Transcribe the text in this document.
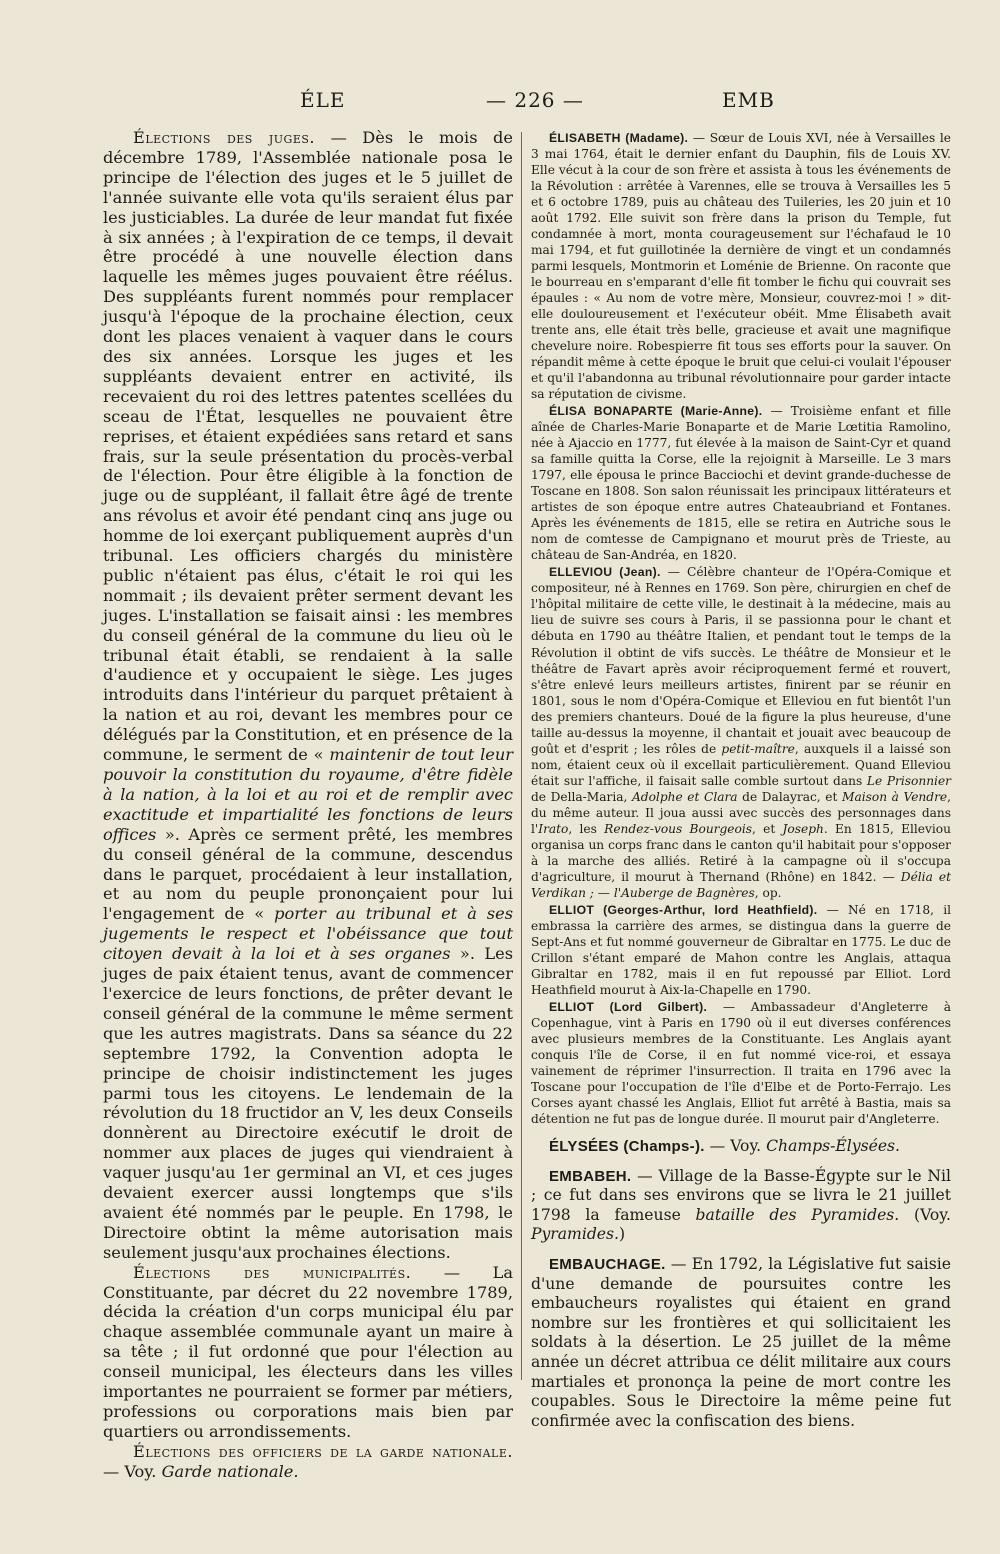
ÉLE	— 226 —	EMB

Élections des juges. — Dès le mois de décembre 1789, l'Assemblée nationale posa le principe de l'élection des juges et le 5 juillet de l'année suivante elle vota qu'ils seraient élus par les justiciables. La durée de leur mandat fut fixée à six années ; à l'expiration de ce temps, il devait être procédé à une nouvelle élection dans laquelle les mêmes juges pouvaient être réélus. Des suppléants furent nommés pour remplacer jusqu'à l'époque de la prochaine élection, ceux dont les places venaient à vaquer dans le cours des six années. Lorsque les juges et les suppléants devaient entrer en activité, ils recevaient du roi des lettres patentes scellées du sceau de l'État, lesquelles ne pouvaient être reprises, et étaient expédiées sans retard et sans frais, sur la seule présentation du procès-verbal de l'élection. Pour être éligible à la fonction de juge ou de suppléant, il fallait être âgé de trente ans révolus et avoir été pendant cinq ans juge ou homme de loi exerçant publiquement auprès d'un tribunal. Les officiers chargés du ministère public n'étaient pas élus, c'était le roi qui les nommait ; ils devaient prêter serment devant les juges. L'installation se faisait ainsi : les membres du conseil général de la commune du lieu où le tribunal était établi, se rendaient à la salle d'audience et y occupaient le siège. Les juges introduits dans l'intérieur du parquet prêtaient à la nation et au roi, devant les membres pour ce délégués par la Constitution, et en présence de la commune, le serment de « maintenir de tout leur pouvoir la constitution du royaume, d'être fidèle à la nation, à la loi et au roi et de remplir avec exactitude et impartialité les fonctions de leurs offices ». Après ce serment prêté, les membres du conseil général de la commune, descendus dans le parquet, procédaient à leur installation, et au nom du peuple prononçaient pour lui l'engagement de « porter au tribunal et à ses jugements le respect et l'obéissance que tout citoyen devait à la loi et à ses organes ». Les juges de paix étaient tenus, avant de commencer l'exercice de leurs fonctions, de prêter devant le conseil général de la commune le même serment que les autres magistrats. Dans sa séance du 22 septembre 1792, la Convention adopta le principe de choisir indistinctement les juges parmi tous les citoyens. Le lendemain de la révolution du 18 fructidor an V, les deux Conseils donnèrent au Directoire exécutif le droit de nommer aux places de juges qui viendraient à vaquer jusqu'au 1er germinal an VI, et ces juges devaient exercer aussi longtemps que s'ils avaient été nommés par le peuple. En 1798, le Directoire obtint la même autorisation mais seulement jusqu'aux prochaines élections.

Élections des municipalités. — La Constituante, par décret du 22 novembre 1789, décida la création d'un corps municipal élu par chaque assemblée communale ayant un maire à sa tête ; il fut ordonné que pour l'élection au conseil municipal, les électeurs dans les villes importantes ne pourraient se former par métiers, professions ou corporations mais bien par quartiers ou arrondissements.

Élections des officiers de la garde nationale. — Voy. Garde nationale.

ÉLISABETH (Madame). — Sœur de Louis XVI, née à Versailles le 3 mai 1764, était le dernier enfant du Dauphin, fils de Louis XV. Elle vécut à la cour de son frère et assista à tous les événements de la Révolution : arrêtée à Varennes, elle se trouva à Versailles les 5 et 6 octobre 1789, puis au château des Tuileries, les 20 juin et 10 août 1792. Elle suivit son frère dans la prison du Temple, fut condamnée à mort, monta courageusement sur l'échafaud le 10 mai 1794, et fut guillotinée la dernière de vingt et un condamnés parmi lesquels, Montmorin et Loménie de Brienne. On raconte que le bourreau en s'emparant d'elle fit tomber le fichu qui couvrait ses épaules : « Au nom de votre mère, Monsieur, couvrez-moi ! » dit-elle douloureusement et l'exécuteur obéit. Mme Élisabeth avait trente ans, elle était très belle, gracieuse et avait une magnifique chevelure noire. Robespierre fit tous ses efforts pour la sauver. On répandit même à cette époque le bruit que celui-ci voulait l'épouser et qu'il l'abandonna au tribunal révolutionnaire pour garder intacte sa réputation de civisme.

ÉLISA BONAPARTE (Marie-Anne). — Troisième enfant et fille aînée de Charles-Marie Bonaparte et de Marie Lœtitia Ramolino, née à Ajaccio en 1777, fut élevée à la maison de Saint-Cyr et quand sa famille quitta la Corse, elle la rejoignit à Marseille. Le 3 mars 1797, elle épousa le prince Bacciochi et devint grande-duchesse de Toscane en 1808. Son salon réunissait les principaux littérateurs et artistes de son époque entre autres Chateaubriand et Fontanes. Après les événements de 1815, elle se retira en Autriche sous le nom de comtesse de Campignano et mourut près de Trieste, au château de San-Andréa, en 1820.

ELLEVIOU (Jean). — Célèbre chanteur de l'Opéra-Comique et compositeur, né à Rennes en 1769. Son père, chirurgien en chef de l'hôpital militaire de cette ville, le destinait à la médecine, mais au lieu de suivre ses cours à Paris, il se passionna pour le chant et débuta en 1790 au théâtre Italien, et pendant tout le temps de la Révolution il obtint de vifs succès. Le théâtre de Monsieur et le théâtre de Favart après avoir réciproquement fermé et rouvert, s'être enlevé leurs meilleurs artistes, finirent par se réunir en 1801, sous le nom d'Opéra-Comique et Elleviou en fut bientôt l'un des premiers chanteurs. Doué de la figure la plus heureuse, d'une taille au-dessus la moyenne, il chantait et jouait avec beaucoup de goût et d'esprit ; les rôles de petit-maître, auxquels il a laissé son nom, étaient ceux où il excellait particulièrement. Quand Elleviou était sur l'affiche, il faisait salle comble surtout dans Le Prisonnier de Della-Maria, Adolphe et Clara de Dalayrac, et Maison à Vendre, du même auteur. Il joua aussi avec succès des personnages dans l'Irato, les Rendez-vous Bourgeois, et Joseph. En 1815, Elleviou organisa un corps franc dans le canton qu'il habitait pour s'opposer à la marche des alliés. Retiré à la campagne où il s'occupa d'agriculture, il mourut à Thernand (Rhône) en 1842. — Délia et Verdikan ; — l'Auberge de Bagnères, op.

ELLIOT (Georges-Arthur, lord Heathfield). — Né en 1718, il embrassa la carrière des armes, se distingua dans la guerre de Sept-Ans et fut nommé gouverneur de Gibraltar en 1775. Le duc de Crillon s'étant emparé de Mahon contre les Anglais, attaqua Gibraltar en 1782, mais il en fut repoussé par Elliot. Lord Heathfield mourut à Aix-la-Chapelle en 1790.

ELLIOT (Lord Gilbert). — Ambassadeur d'Angleterre à Copenhague, vint à Paris en 1790 où il eut diverses conférences avec plusieurs membres de la Constituante. Les Anglais ayant conquis l'île de Corse, il en fut nommé vice-roi, et essaya vainement de réprimer l'insurrection. Il traita en 1796 avec la Toscane pour l'occupation de l'île d'Elbe et de Porto-Ferrajo. Les Corses ayant chassé les Anglais, Elliot fut arrêté à Bastia, mais sa détention ne fut pas de longue durée. Il mourut pair d'Angleterre.

ÉLYSÉES (Champs-). — Voy. Champs-Élysées.

EMBABEH. — Village de la Basse-Égypte sur le Nil ; ce fut dans ses environs que se livra le 21 juillet 1798 la fameuse bataille des Pyramides. (Voy. Pyramides.)

EMBAUCHAGE. — En 1792, la Législative fut saisie d'une demande de poursuites contre les embaucheurs royalistes qui étaient en grand nombre sur les frontières et qui sollicitaient les soldats à la désertion. Le 25 juillet de la même année un décret attribua ce délit militaire aux cours martiales et prononça la peine de mort contre les coupables. Sous le Directoire la même peine fut confirmée avec la confiscation des biens.
